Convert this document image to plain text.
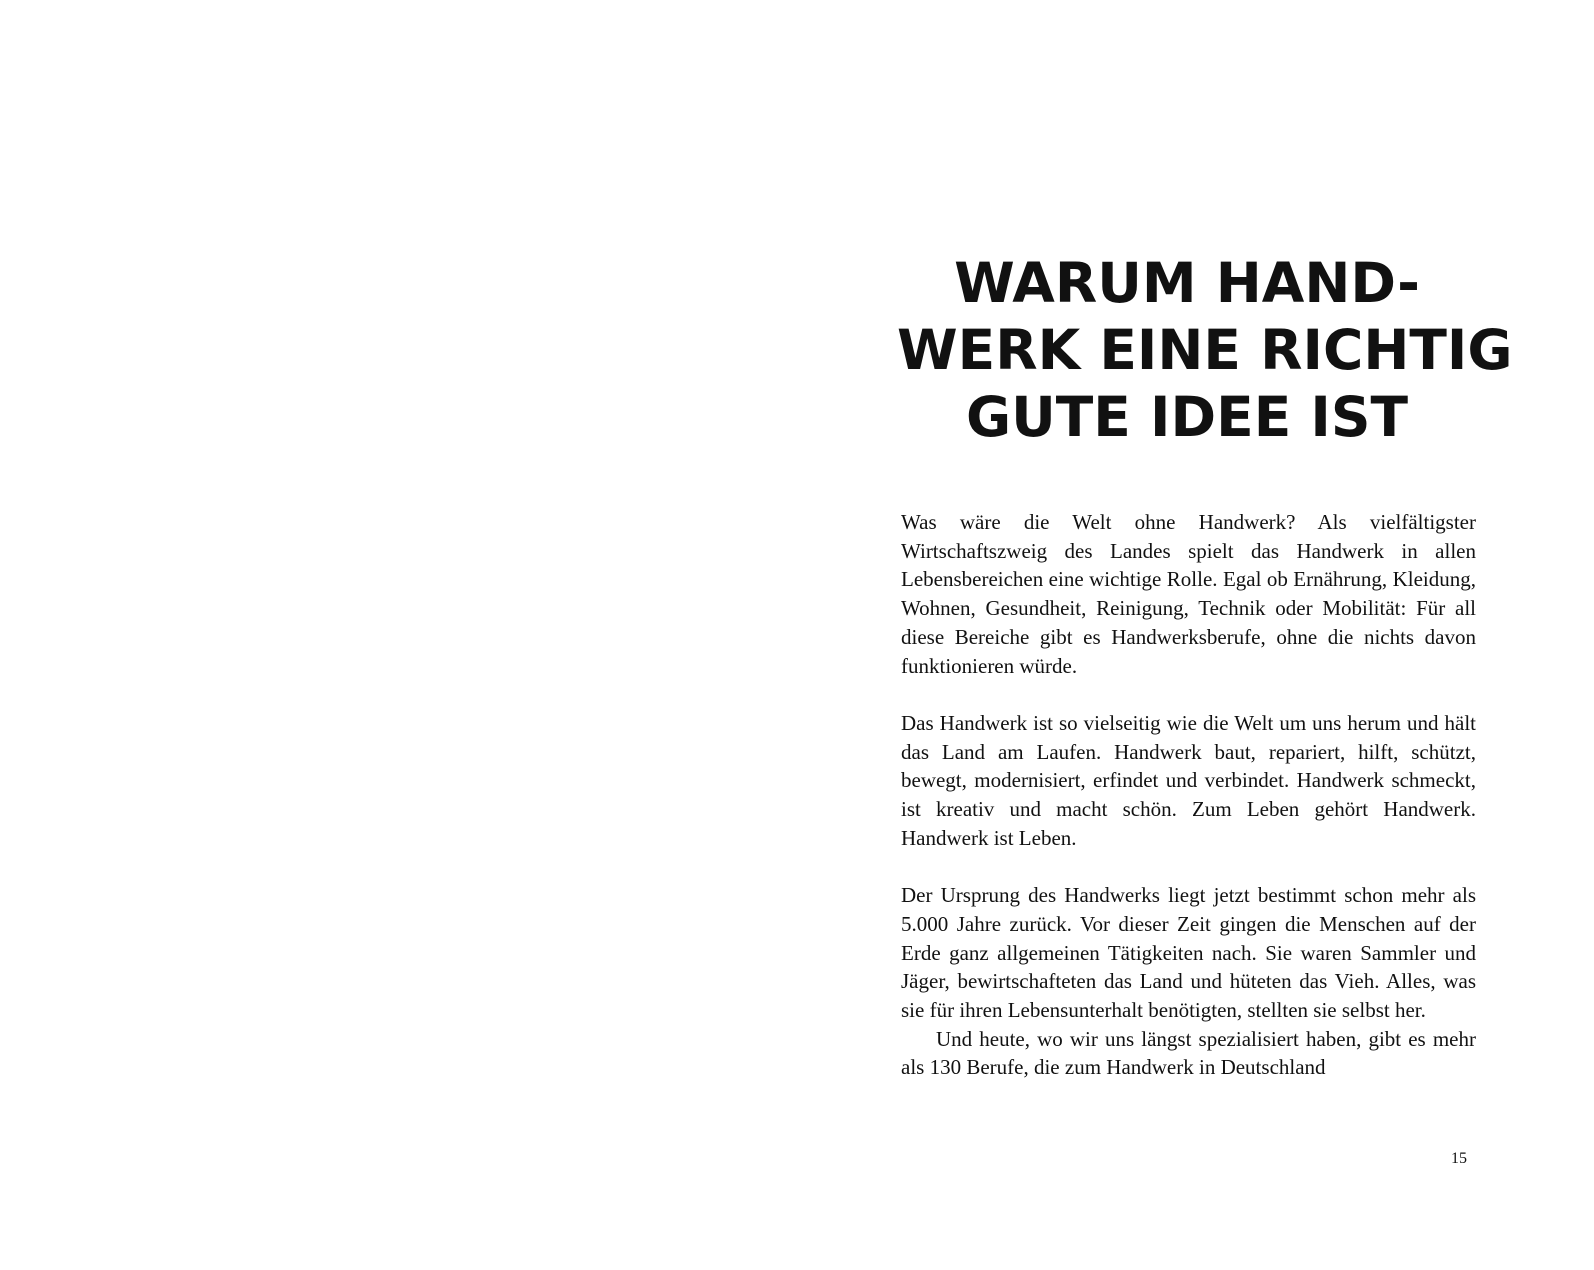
WARUM HAND-
WERK EINE RICHTIG
GUTE IDEE IST

Was wäre die Welt ohne Handwerk? Als vielfältigster Wirtschaftszweig des Landes spielt das Handwerk in allen Lebensbereichen eine wichtige Rolle. Egal ob Ernährung, Kleidung, Wohnen, Gesundheit, Reinigung, Technik oder Mobilität: Für all diese Bereiche gibt es Handwerksberufe, ohne die nichts davon funktionieren würde.

Das Handwerk ist so vielseitig wie die Welt um uns herum und hält das Land am Laufen. Handwerk baut, repariert, hilft, schützt, bewegt, modernisiert, erfindet und verbindet. Handwerk schmeckt, ist kreativ und macht schön. Zum Leben gehört Handwerk. Handwerk ist Leben.

Der Ursprung des Handwerks liegt jetzt bestimmt schon mehr als 5.000 Jahre zurück. Vor dieser Zeit gingen die Menschen auf der Erde ganz allgemeinen Tätigkeiten nach. Sie waren Sammler und Jäger, bewirtschafteten das Land und hüteten das Vieh. Alles, was sie für ihren Lebensunterhalt benötigten, stellten sie selbst her.

Und heute, wo wir uns längst spezialisiert haben, gibt es mehr als 130 Berufe, die zum Handwerk in Deutschland

15
